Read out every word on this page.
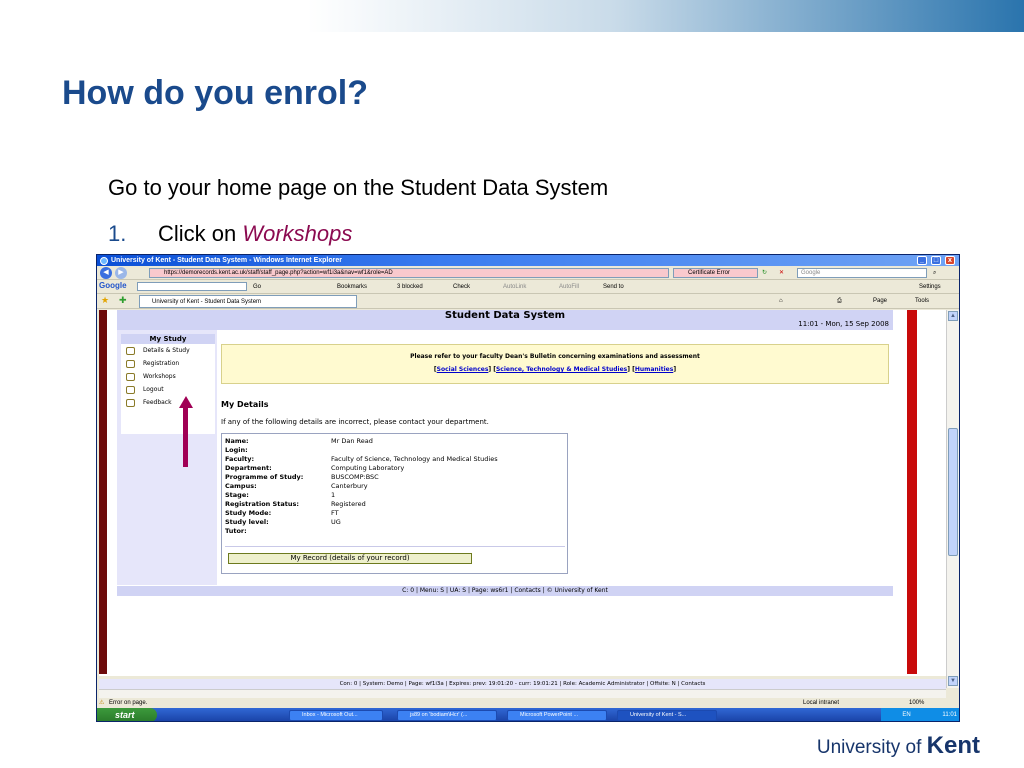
How do you enrol?
Go to your home page on the Student Data System
1. Click on Workshops
University of Kent - Student Data System - Windows Internet Explorer	_	□	x
◀	▶	https://demorecords.kent.ac.uk/staff/staff_page.php?action=wf1i3a&nav=wf1&role=AD	Certificate Error	↻ ✕	Google	⌕
Google	Go	Bookmarks	3 blocked	Check	AutoLink	AutoFill	Send to	Settings
★ ✚	University of Kent - Student Data System	⌂	⎙	Page	Tools
Student Data System
11:01 - Mon, 15 Sep 2008
My Study
Details & Study
Registration
Workshops
Logout
Feedback
Please refer to your faculty Dean's Bulletin concerning examinations and assessment
[Social Sciences] [Science, Technology & Medical Studies] [Humanities]
My Details
If any of the following details are incorrect, please contact your department.
Name:	Mr Dan Read
Login:
Faculty:	Faculty of Science, Technology and Medical Studies
Department:	Computing Laboratory
Programme of Study:	BUSCOMP:BSC
Campus:	Canterbury
Stage:	1
Registration Status:	Registered
Study Mode:	FT
Study level:	UG
Tutor:
My Record (details of your record)
C: 0 | Menu: S | UA: S | Page: ws6r1 | Contacts | © University of Kent
▲
▼
Con: 0 | System: Demo | Page: wf1i3a | Expires: prev: 19:01:20 - curr: 19:01:21 | Role: Academic Administrator | Offsite: N | Contacts
⚠ Error on page.	Local intranet	100%
start	Inbox - Microsoft Out...	js89 on 'bodiam\Hcr' (...	Microsoft PowerPoint ...	University of Kent - S...	EN	11:01
University of Kent
